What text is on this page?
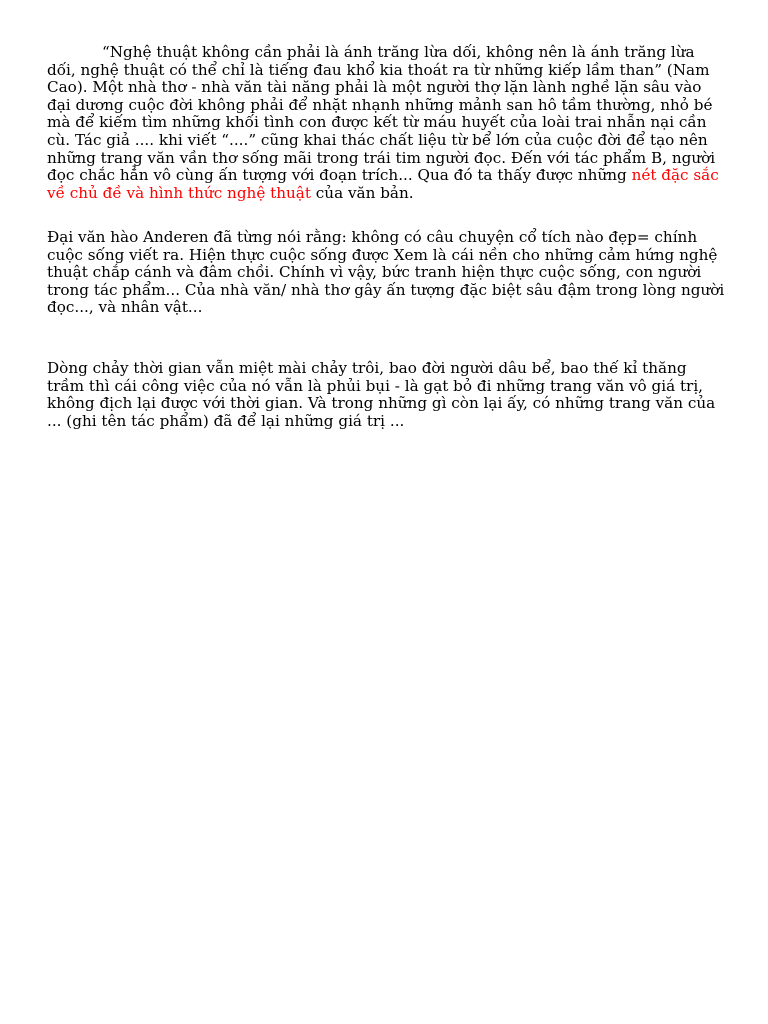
“Nghệ thuật không cần phải là ánh trăng lừa dối, không nên là ánh trăng lừa dối, nghệ thuật có thể chỉ là tiếng đau khổ kia thoát ra từ những kiếp lầm than” (Nam Cao). Một nhà thơ - nhà văn tài năng phải là một người thợ lặn lành nghề lặn sâu vào đại dương cuộc đời không phải để nhặt nhạnh những mảnh san hô tầm thường, nhỏ bé mà để kiếm tìm những khối tình con được kết từ máu huyết của loài trai nhẫn nại cần cù. Tác giả .... khi viết “....” cũng khai thác chất liệu từ bể lớn của cuộc đời để tạo nên những trang văn vần thơ sống mãi trong trái tim người đọc. Đến với tác phẩm B, người đọc chắc hẳn vô cùng ấn tượng với đoạn trích... Qua đó ta thấy được những nét đặc sắc về chủ đề và hình thức nghệ thuật của văn bản.

Đại văn hào Anderen đã từng nói rằng: không có câu chuyện cổ tích nào đẹp= chính cuộc sống viết ra. Hiện thực cuộc sống được Xem là cái nền cho những cảm hứng nghệ thuật chắp cánh và đâm chồi. Chính vì vậy, bức tranh hiện thực cuộc sống, con người trong tác phẩm... Của nhà văn/ nhà thơ gây ấn tượng đặc biệt sâu đậm trong lòng người đọc..., và nhân vật...

Dòng chảy thời gian vẫn miệt mài chảy trôi, bao đời người dâu bể, bao thế kỉ thăng trầm thì cái công việc của nó vẫn là phủi bụi - là gạt bỏ đi những trang văn vô giá trị, không địch lại được với thời gian. Và trong những gì còn lại ấy, có những trang văn của ... (ghi tên tác phẩm) đã để lại những giá trị ...
